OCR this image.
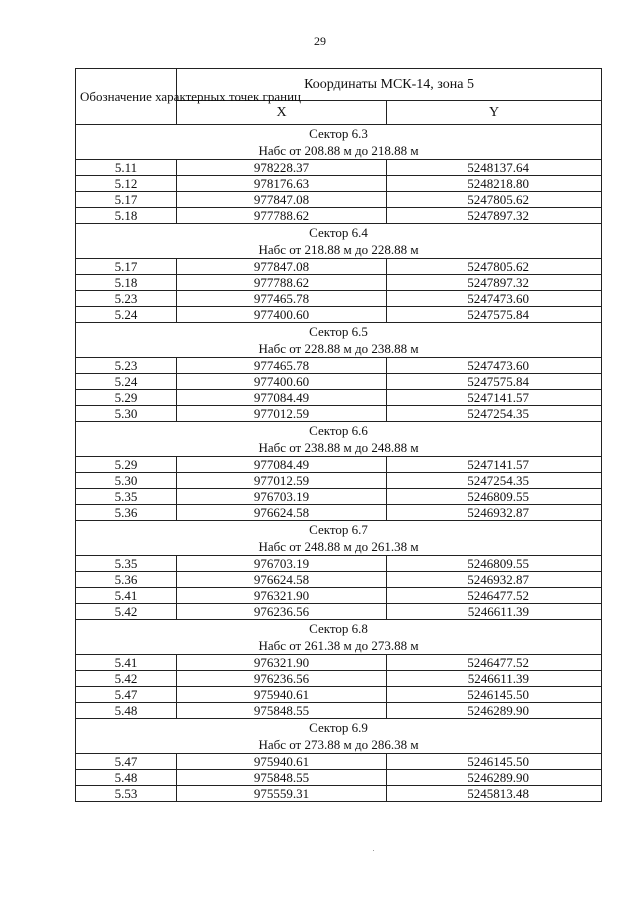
29
Обозначение характерных точек границ	Координаты МСК-14, зона 5	
	X	Y

Сектор 6.3
Набс от 208.88 м до 218.88 м		

5.11	978228.37	5248137.64
5.12	978176.63	5248218.80
5.17	977847.08	5247805.62
5.18	977788.62	5247897.32

Сектор 6.4
Набс от 218.88 м до 228.88 м		

5.17	977847.08	5247805.62
5.18	977788.62	5247897.32
5.23	977465.78	5247473.60
5.24	977400.60	5247575.84

Сектор 6.5
Набс от 228.88 м до 238.88 м		

5.23	977465.78	5247473.60
5.24	977400.60	5247575.84
5.29	977084.49	5247141.57
5.30	977012.59	5247254.35

Сектор 6.6
Набс от 238.88 м до 248.88 м		

5.29	977084.49	5247141.57
5.30	977012.59	5247254.35
5.35	976703.19	5246809.55
5.36	976624.58	5246932.87

Сектор 6.7
Набс от 248.88 м до 261.38 м		

5.35	976703.19	5246809.55
5.36	976624.58	5246932.87
5.41	976321.90	5246477.52
5.42	976236.56	5246611.39

Сектор 6.8
Набс от 261.38 м до 273.88 м		

5.41	976321.90	5246477.52
5.42	976236.56	5246611.39
5.47	975940.61	5246145.50
5.48	975848.55	5246289.90

Сектор 6.9
Набс от 273.88 м до 286.38 м		

5.47	975940.61	5246145.50
5.48	975848.55	5246289.90
5.53	975559.31	5245813.48
